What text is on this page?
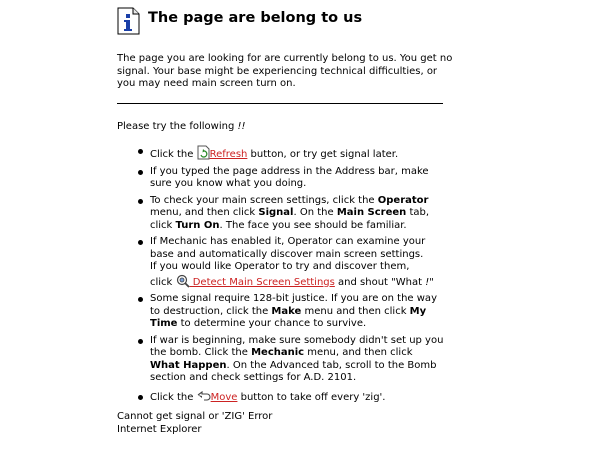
The page are belong to us
The page you are looking for are currently belong to us. You get no signal. Your base might be experiencing technical difficulties, or you may need main screen turn on.
Please try the following !!
Click the Refresh button, or try get signal later.
If you typed the page address in the Address bar, make sure you know what you doing.
To check your main screen settings, click the Operator menu, and then click Signal. On the Main Screen tab, click Turn On. The face you see should be familiar.
If Mechanic has enabled it, Operator can examine your base and automatically discover main screen settings.
If you would like Operator to try and discover them,
click  Detect Main Screen Settings and shout "What !"
Some signal require 128-bit justice. If you are on the way to destruction, click the Make menu and then click My Time to determine your chance to survive.
If war is beginning, make sure somebody didn't set up you the bomb. Click the Mechanic menu, and then click
What Happen. On the Advanced tab, scroll to the Bomb section and check settings for A.D. 2101.
Click the Move button to take off every 'zig'.
Cannot get signal or 'ZIG' Error
Internet Explorer
